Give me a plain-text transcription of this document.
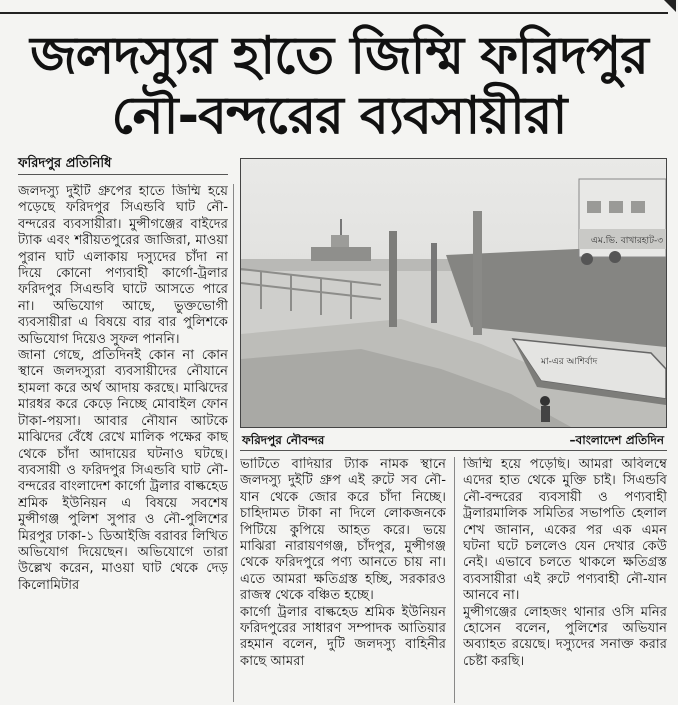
জলদস্যুর হাতে জিম্মি ফরিদপুর
নৌ-বন্দরের ব্যবসায়ীরা
ফরিদপুর প্রতিনিধি

জলদস্যু দুইটি গ্রুপের হাতে জিম্মি হয়ে পড়েছে ফরিদপুর সিএন্ডবি ঘাট নৌ-বন্দরের ব্যবসায়ীরা। মুন্সীগঞ্জের বাইদের ট্যাক এবং শরীয়তপুরের জাজিরা, মাওয়া পুরান ঘাট এলাকায় দস্যুদের চাঁদা না দিয়ে কোনো পণ্যবাহী কার্গো-ট্রলার ফরিদপুর সিএন্ডবি ঘাটে আসতে পারে না। অভিযোগ আছে, ভুক্তভোগী ব্যবসায়ীরা এ বিষয়ে বার বার পুলিশকে অভিযোগ দিয়েও সুফল পাননি।

জানা গেছে, প্রতিদিনই কোন না কোন স্থানে জলদস্যুরা ব্যবসায়ীদের নৌযানে হামলা করে অর্থ আদায় করছে। মাঝিদের মারধর করে কেড়ে নিচ্ছে মোবাইল ফোন টাকা-পয়সা। আবার নৌযান আটকে মাঝিদের বেঁধে রেখে মালিক পক্ষের কাছ থেকে চাঁদা আদায়ের ঘটনাও ঘটছে। ব্যবসায়ী ও ফরিদপুর সিএন্ডবি ঘাট নৌ-বন্দরের বাংলাদেশ কার্গো ট্রলার বাল্কহেড শ্রমিক ইউনিয়ন এ বিষয়ে সবশেষ মুন্সীগঞ্জ পুলিশ সুপার ও নৌ-পুলিশের মিরপুর ঢাকা-১ ডিআইজি বরাবর লিখিত অভিযোগ দিয়েছেন। অভিযোগে তারা উল্লেখ করেন, মাওয়া ঘাট থেকে দেড় কিলোমিটার

এম.ভি. বাখারহাট-৩
মা-এর আশির্বাদ
ফরিদপুর নৌবন্দর	–বাংলাদেশ প্রতিদিন

ভাটিতে বাদিয়ার ট্যাক নামক স্থানে জলদস্যু দুইটি গ্রুপ এই রুটে সব নৌ-যান থেকে জোর করে চাঁদা নিচ্ছে। চাহিদামত টাকা না দিলে লোকজনকে পিটিয়ে কুপিয়ে আহত করে। ভয়ে মাঝিরা নারায়ণগঞ্জ, চাঁদপুর, মুন্সীগঞ্জ থেকে ফরিদপুরে পণ্য আনতে চায় না। এতে আমরা ক্ষতিগ্রস্ত হচ্ছি, সরকারও রাজস্ব থেকে বঞ্চিত হচ্ছে।

কার্গো ট্রলার বাল্কহেড শ্রমিক ইউনিয়ন ফরিদপুরের সাধারণ সম্পাদক আতিয়ার রহমান বলেন, দুটি জলদস্যু বাহিনীর কাছে আমরা

জিম্মি হয়ে পড়েছি। আমরা অবিলম্বে এদের হাত থেকে মুক্তি চাই। সিএন্ডবি নৌ-বন্দরের ব্যবসায়ী ও পণ্যবাহী ট্রলারমালিক সমিতির সভাপতি হেলাল শেখ জানান, একের পর এক এমন ঘটনা ঘটে চললেও যেন দেখার কেউ নেই। এভাবে চলতে থাকলে ক্ষতিগ্রস্ত ব্যবসায়ীরা এই রুটে পণ্যবাহী নৌ-যান আনবে না।

মুন্সীগঞ্জের লোহজং থানার ওসি মনির হোসেন বলেন, পুলিশের অভিযান অব্যাহত রয়েছে। দস্যুদের সনাক্ত করার চেষ্টা করছি।
